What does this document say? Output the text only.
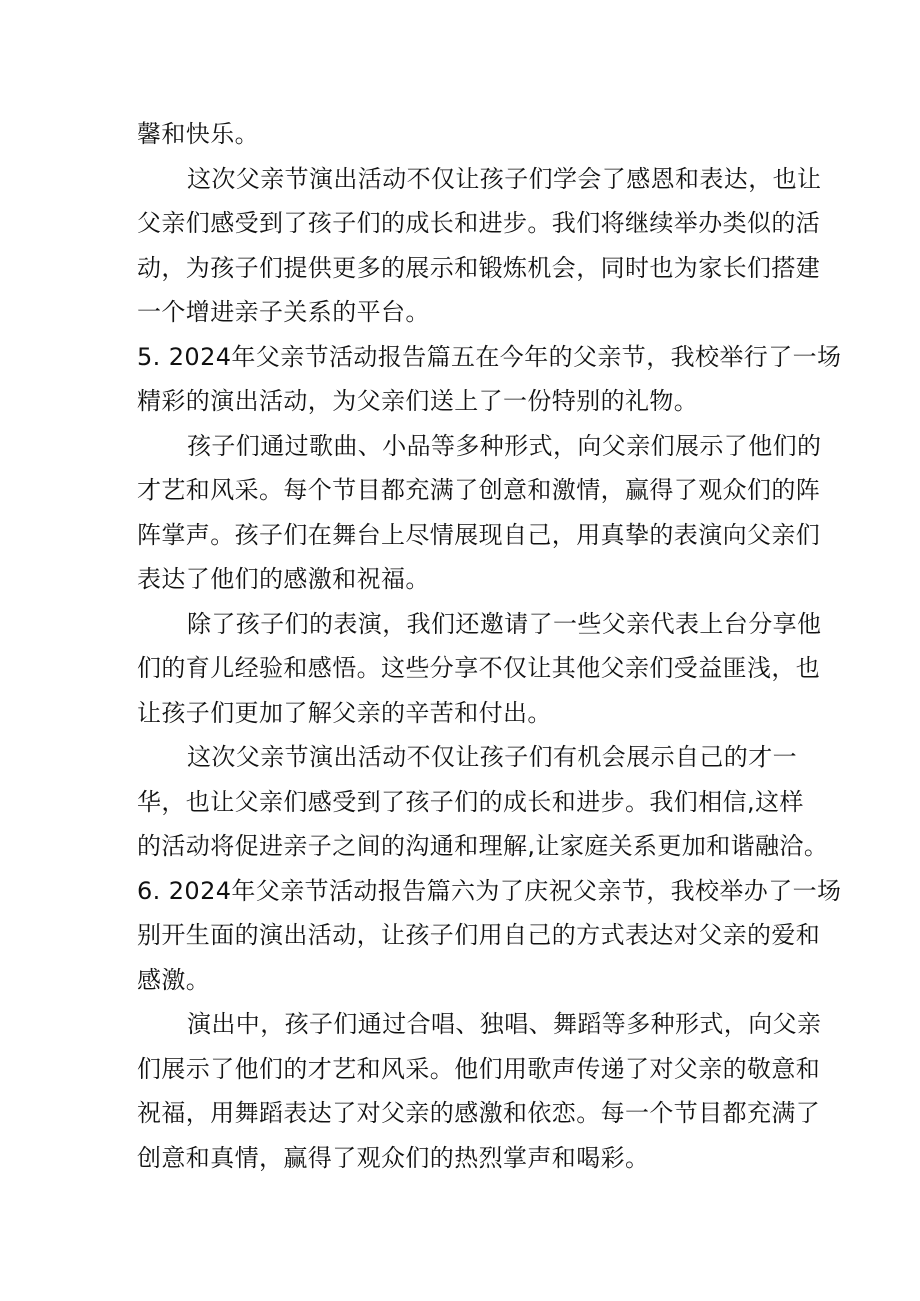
馨和快乐。
这次父亲节演出活动不仅让孩子们学会了感恩和表达，也让
父亲们感受到了孩子们的成长和进步。我们将继续举办类似的活
动，为孩子们提供更多的展示和锻炼机会，同时也为家长们搭建
一个增进亲子关系的平台。
5. 2024年父亲节活动报告篇五在今年的父亲节，我校举行了一场
精彩的演出活动，为父亲们送上了一份特别的礼物。
孩子们通过歌曲、小品等多种形式，向父亲们展示了他们的
才艺和风采。每个节目都充满了创意和激情，赢得了观众们的阵
阵掌声。孩子们在舞台上尽情展现自己，用真挚的表演向父亲们
表达了他们的感激和祝福。
除了孩子们的表演，我们还邀请了一些父亲代表上台分享他
们的育儿经验和感悟。这些分享不仅让其他父亲们受益匪浅，也
让孩子们更加了解父亲的辛苦和付出。
这次父亲节演出活动不仅让孩子们有机会展示自己的才一
华，也让父亲们感受到了孩子们的成长和进步。我们相信,这样
的活动将促进亲子之间的沟通和理解,让家庭关系更加和谐融洽。
6. 2024年父亲节活动报告篇六为了庆祝父亲节，我校举办了一场
别开生面的演出活动，让孩子们用自己的方式表达对父亲的爱和
感激。
演出中，孩子们通过合唱、独唱、舞蹈等多种形式，向父亲
们展示了他们的才艺和风采。他们用歌声传递了对父亲的敬意和
祝福，用舞蹈表达了对父亲的感激和依恋。每一个节目都充满了
创意和真情，赢得了观众们的热烈掌声和喝彩。
